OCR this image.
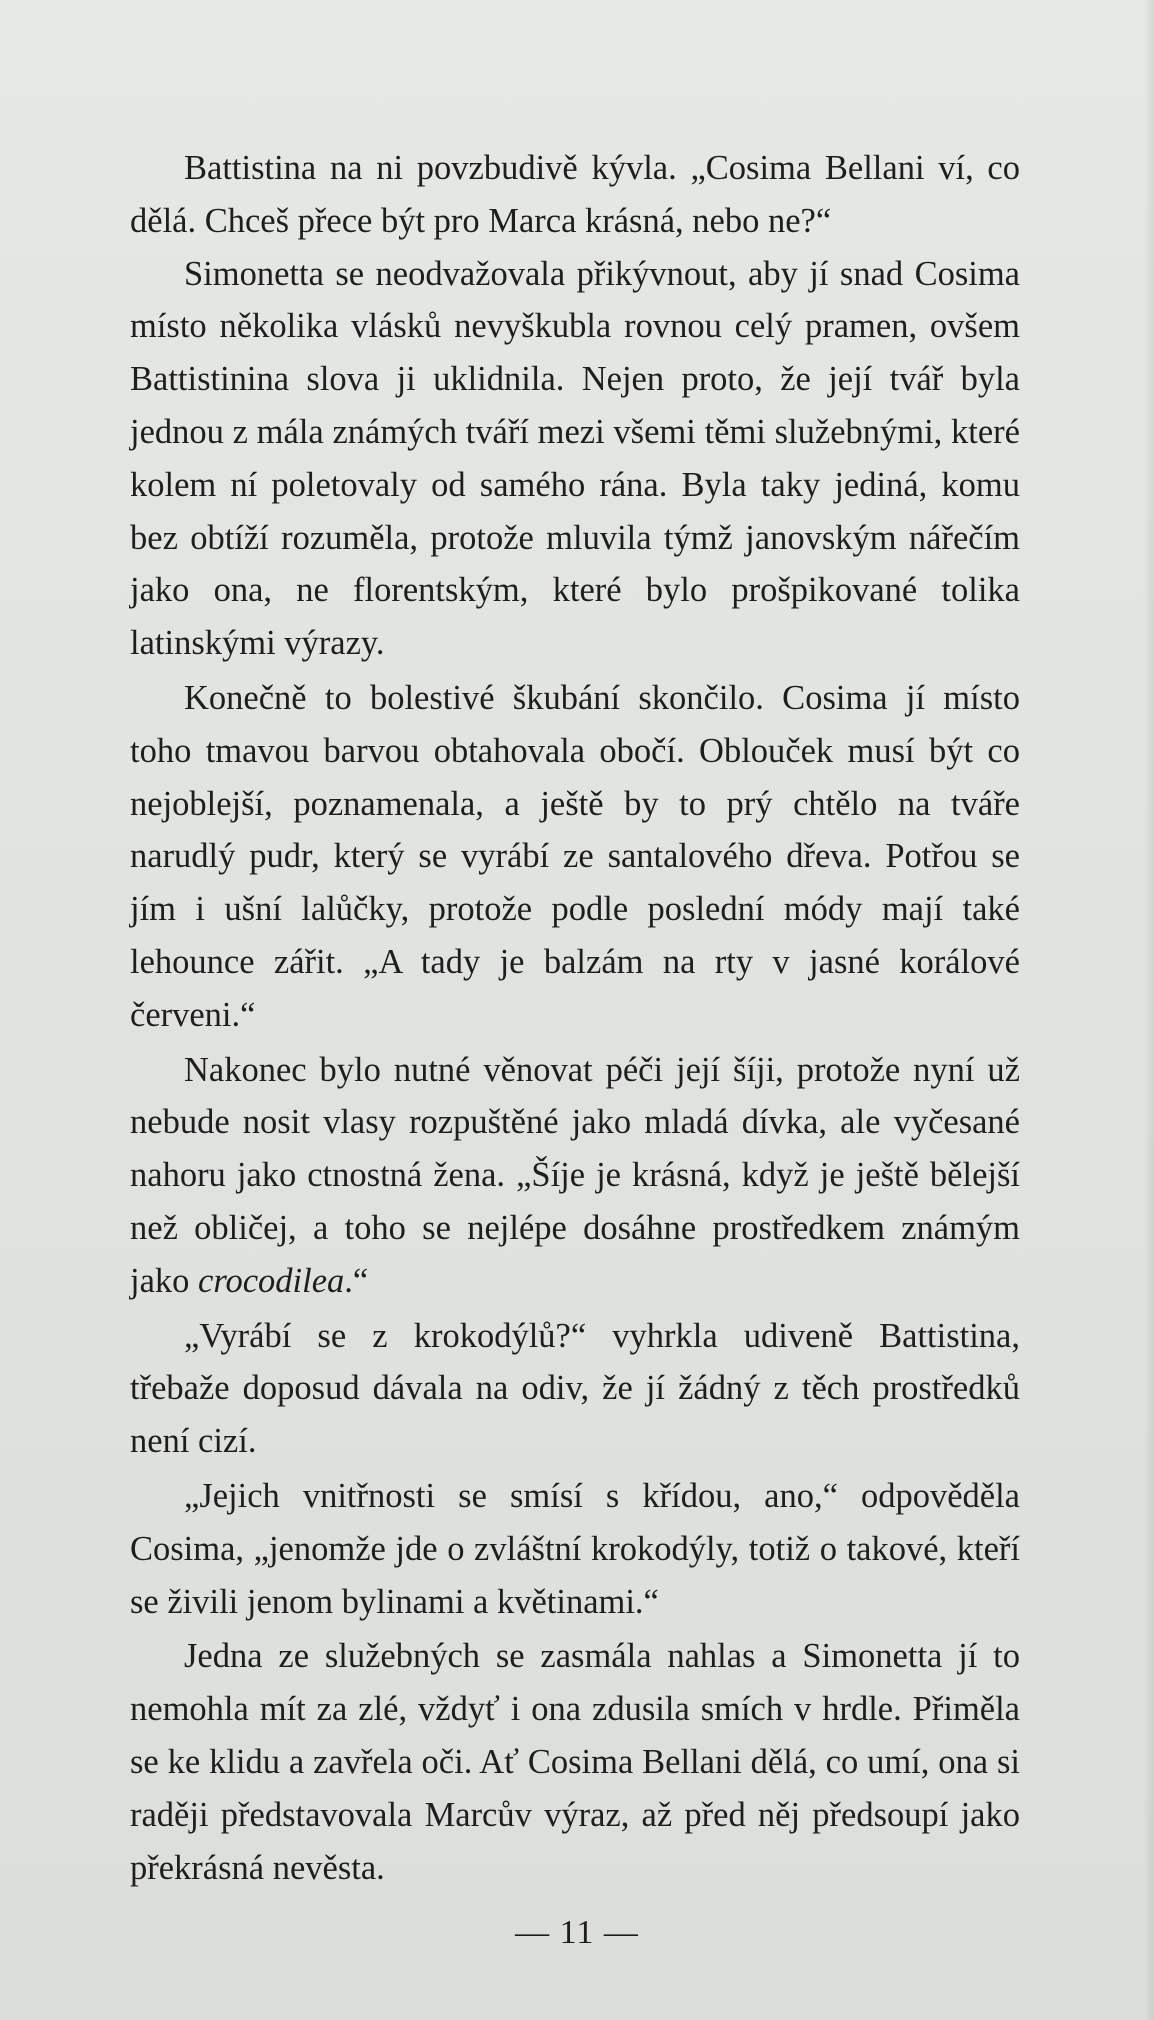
Battistina na ni povzbudivě kývla. „Cosima Bellani ví, co dělá. Chceš přece být pro Marca krásná, nebo ne?“

Simonetta se neodvažovala přikývnout, aby jí snad Cosima místo několika vlásků nevyškubla rovnou celý pramen, ovšem Battistinina slova ji uklidnila. Nejen proto, že její tvář byla jednou z mála známých tváří mezi všemi těmi služebnými, které kolem ní poletovaly od samého rána. Byla taky jediná, komu bez obtíží rozuměla, protože mluvila týmž janovským nářečím jako ona, ne florentským, které bylo prošpikované tolika latinskými výrazy.

Konečně to bolestivé škubání skončilo. Cosima jí místo toho tmavou barvou obtahovala obočí. Oblouček musí být co nejoblejší, poznamenala, a ještě by to prý chtělo na tváře narudlý pudr, který se vyrábí ze santalového dřeva. Potřou se jím i ušní lalůčky, protože podle poslední módy mají také lehounce zářit. „A tady je balzám na rty v jasné korálové červeni.“

Nakonec bylo nutné věnovat péči její šíji, protože nyní už nebude nosit vlasy rozpuštěné jako mladá dívka, ale vyčesané nahoru jako ctnostná žena. „Šíje je krásná, když je ještě bělejší než obličej, a toho se nejlépe dosáhne prostředkem známým jako crocodilea.“

„Vyrábí se z krokodýlů?“ vyhrkla udiveně Battistina, třebaže doposud dávala na odiv, že jí žádný z těch prostředků není cizí.

„Jejich vnitřnosti se smísí s křídou, ano,“ odpověděla Cosima, „jenomže jde o zvláštní krokodýly, totiž o takové, kteří se živili jenom bylinami a květinami.“

Jedna ze služebných se zasmála nahlas a Simonetta jí to nemohla mít za zlé, vždyť i ona zdusila smích v hrdle. Přiměla se ke klidu a zavřela oči. Ať Cosima Bellani dělá, co umí, ona si raději představovala Marcův výraz, až před něj předsoupí jako překrásná nevěsta.

— 11 —
